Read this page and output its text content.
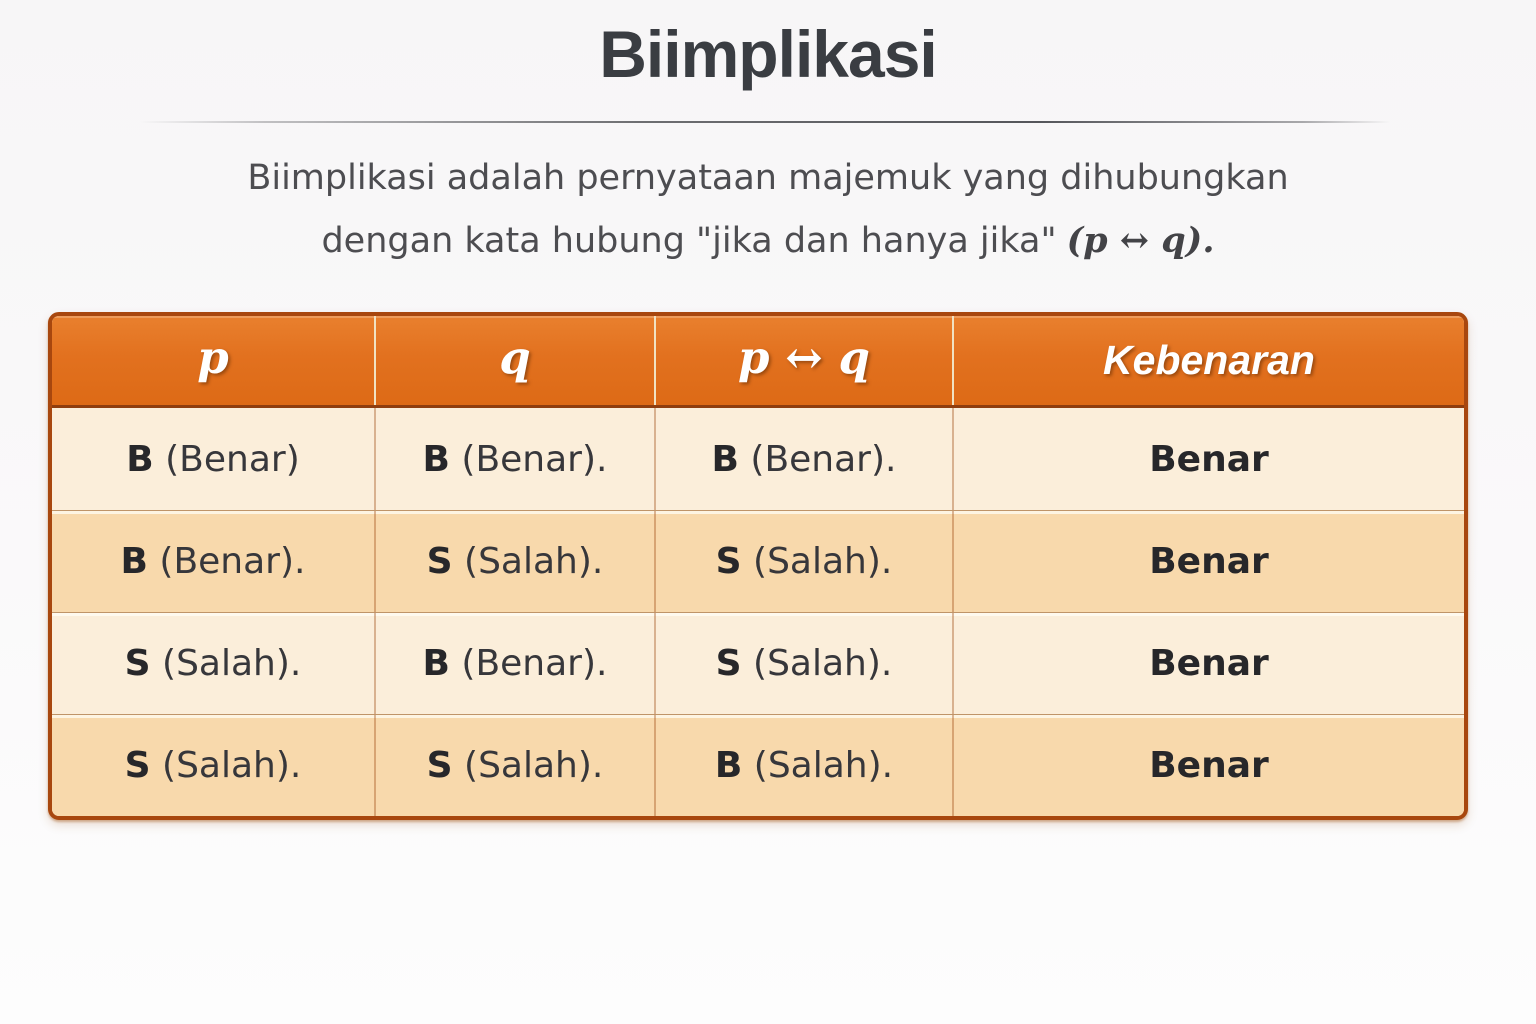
Biimplikasi

Biimplikasi adalah pernyataan majemuk yang dihubungkan

dengan kata hubung "jika dan hanya jika" (p ↔ q).

p	q	p ↔ q	Kebenaran
B (Benar)	B (Benar).	B (Benar).	Benar
B (Benar).	S (Salah).	S (Salah).	Benar
S (Salah).	B (Benar).	S (Salah).	Benar
S (Salah).	S (Salah).	B (Salah).	Benar
